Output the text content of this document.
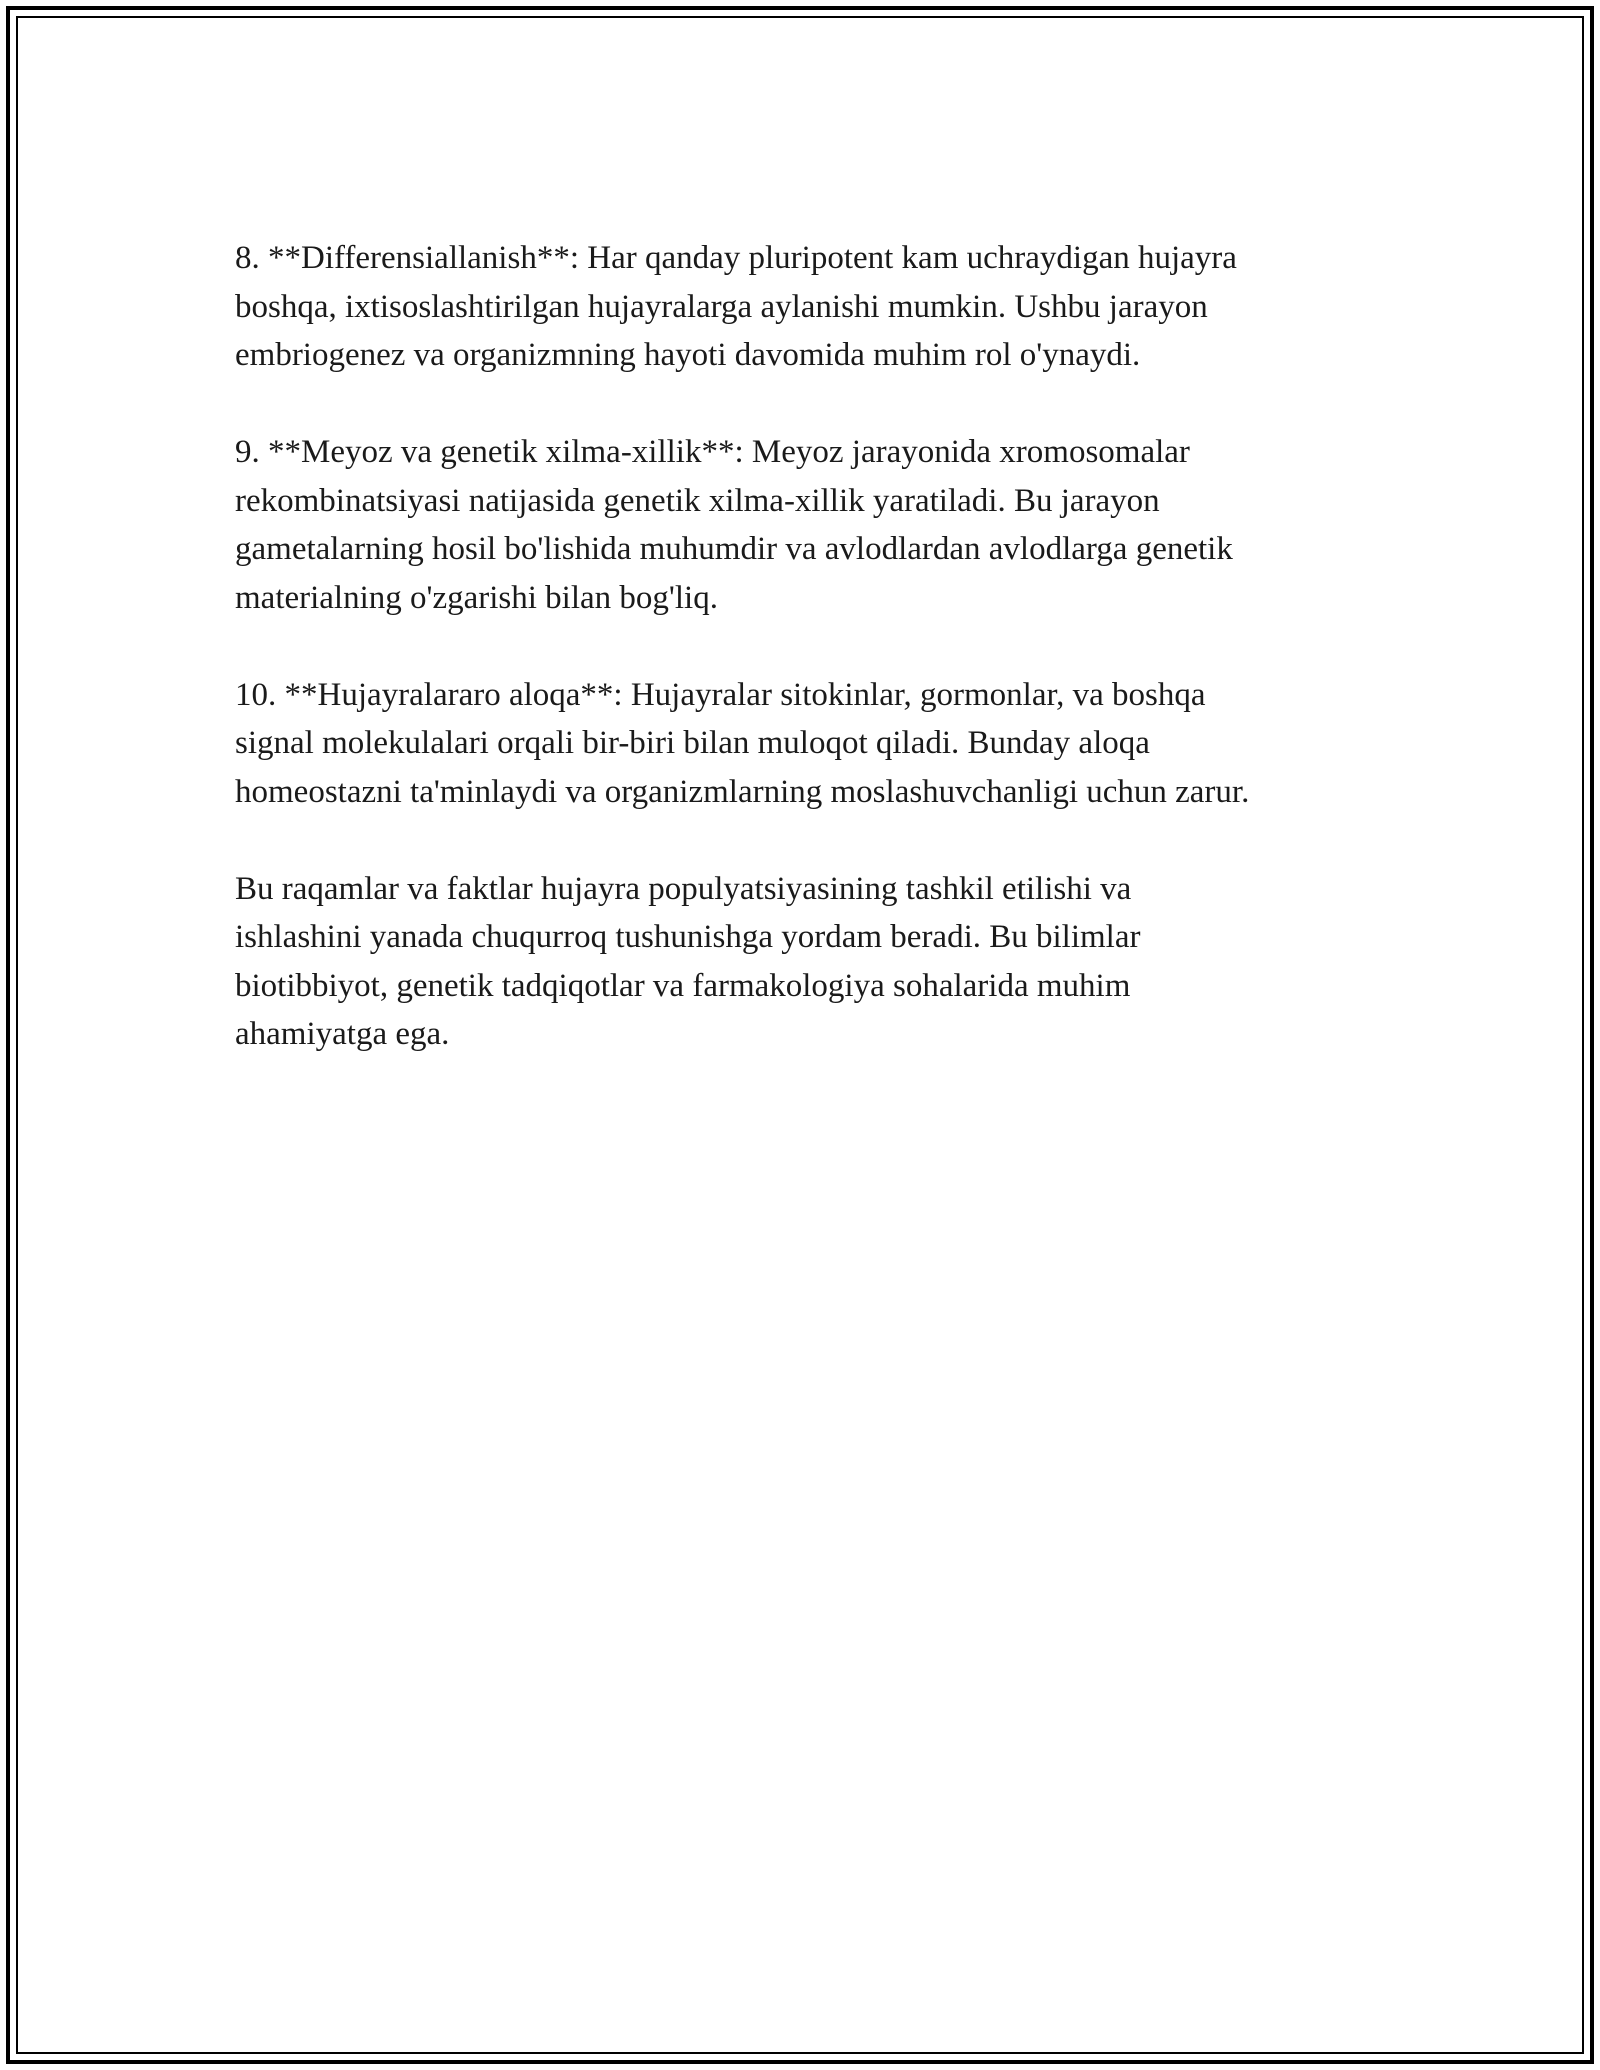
8. **Differensiallanish**: Har qanday pluripotent kam uchraydigan hujayra
boshqa, ixtisoslashtirilgan hujayralarga aylanishi mumkin. Ushbu jarayon
embriogenez va organizmning hayoti davomida muhim rol o'ynaydi.

9. **Meyoz va genetik xilma-xillik**: Meyoz jarayonida xromosomalar
rekombinatsiyasi natijasida genetik xilma-xillik yaratiladi. Bu jarayon
gametalarning hosil bo'lishida muhumdir va avlodlardan avlodlarga genetik
materialning o'zgarishi bilan bog'liq.

10. **Hujayralararo aloqa**: Hujayralar sitokinlar, gormonlar, va boshqa
signal molekulalari orqali bir-biri bilan muloqot qiladi. Bunday aloqa
homeostazni ta'minlaydi va organizmlarning moslashuvchanligi uchun zarur.

Bu raqamlar va faktlar hujayra populyatsiyasining tashkil etilishi va
ishlashini yanada chuqurroq tushunishga yordam beradi. Bu bilimlar
biotibbiyot, genetik tadqiqotlar va farmakologiya sohalarida muhim
ahamiyatga ega.
